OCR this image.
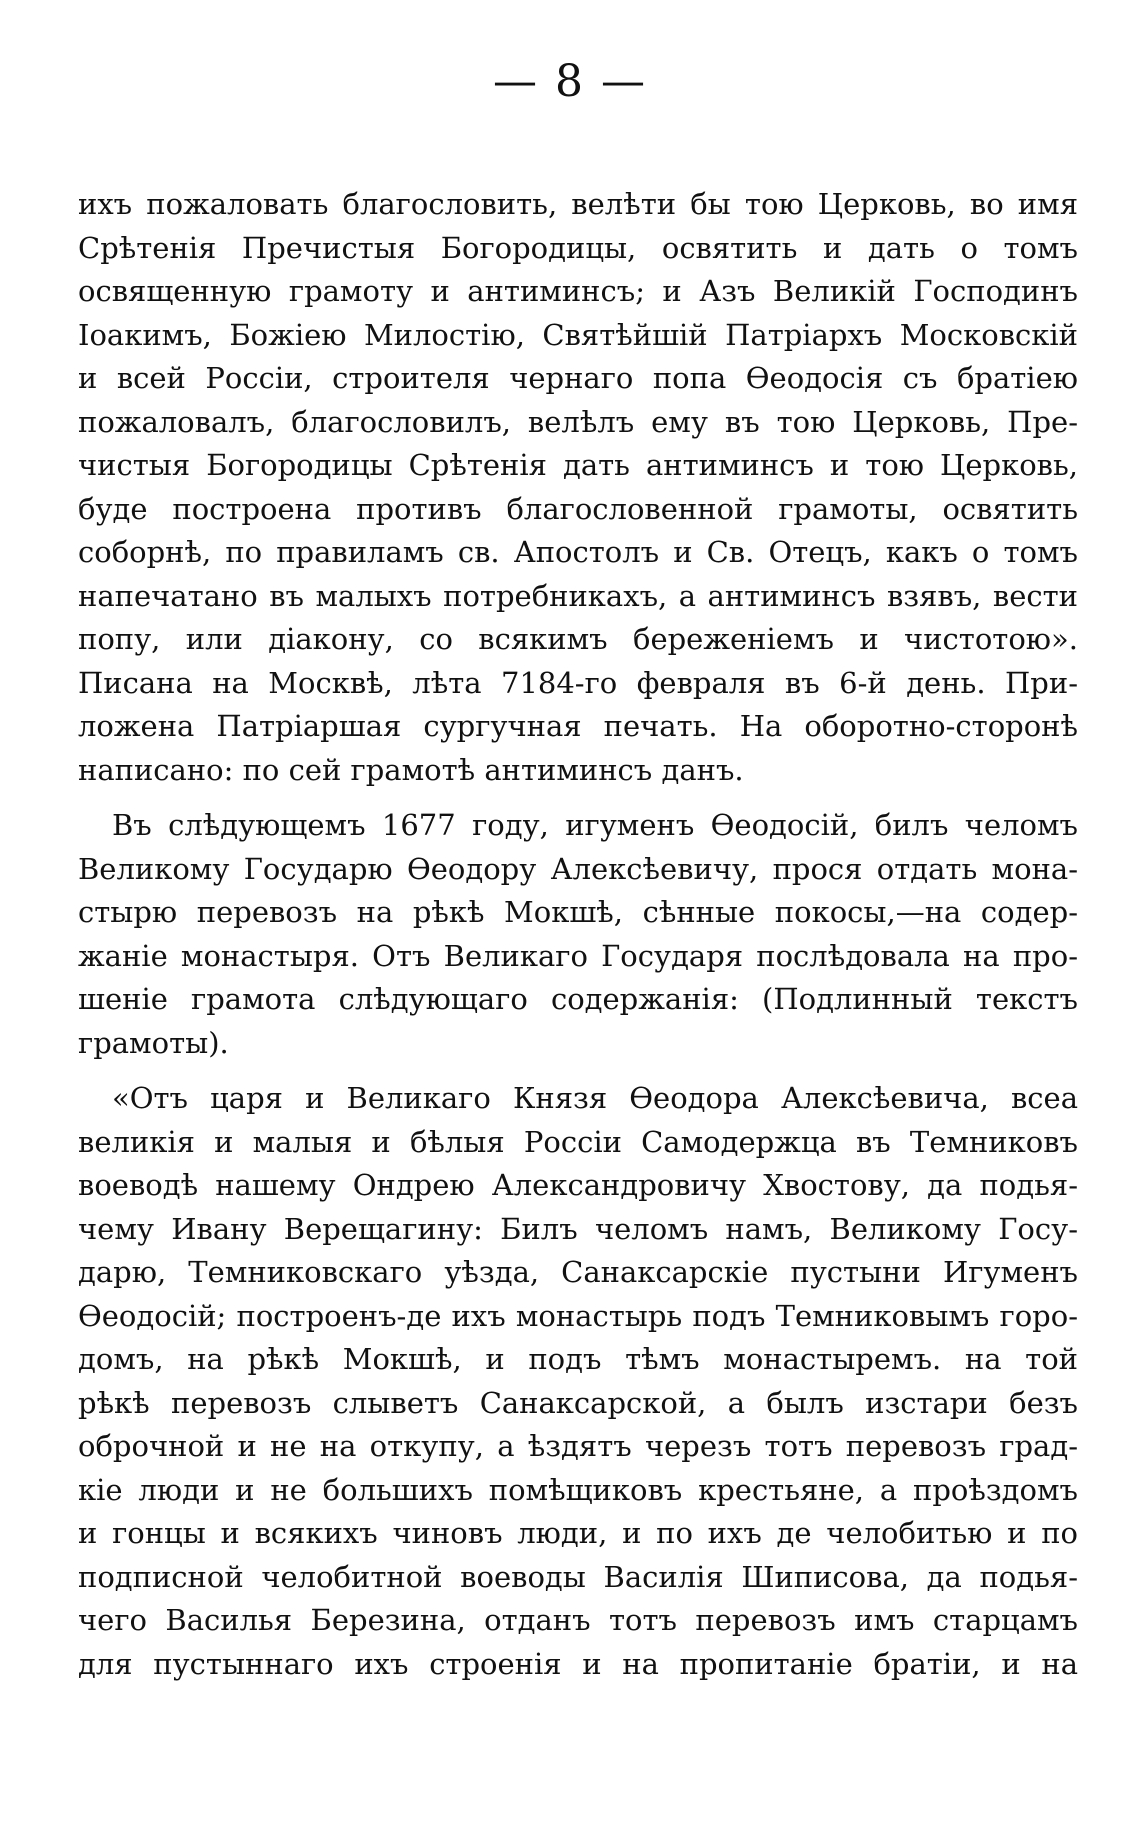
— 8 —
ихъ пожаловать благословить, велѣти бы тою Церковь, во имя
Срѣтенія Пречистыя Богородицы, освятить и дать о томъ
освященную грамоту и антиминсъ; и Азъ Великій Господинъ
Іоакимъ, Божіею Милостію, Святѣйшій Патріархъ Московскій
и всей Россіи, строителя чернаго попа Ѳеодосія съ братіею
пожаловалъ, благословилъ, велѣлъ ему въ тою Церковь, Пре-
чистыя Богородицы Срѣтенія дать антиминсъ и тою Церковь,
буде построена противъ благословенной грамоты, освятить
соборнѣ, по правиламъ св. Апостолъ и Св. Отецъ, какъ о томъ
напечатано въ малыхъ потребникахъ, а антиминсъ взявъ, вести
попу, или діакону, со всякимъ береженіемъ и чистотою».
Писана на Москвѣ, лѣта 7184-го февраля въ 6-й день. При-
ложена Патріаршая сургучная печать. На оборотно-сторонѣ
написано: по сей грамотѣ антиминсъ данъ.
Въ слѣдующемъ 1677 году, игуменъ Ѳеодосій, билъ челомъ
Великому Государю Ѳеодору Алексѣевичу, прося отдать мона-
стырю перевозъ на рѣкѣ Мокшѣ, сѣнные покосы,—на содер-
жаніе монастыря. Отъ Великаго Государя послѣдовала на про-
шеніе грамота слѣдующаго содержанія: (Подлинный текстъ
грамоты).
«Отъ царя и Великаго Князя Ѳеодора Алексѣевича, всеа
великія и малыя и бѣлыя Россіи Самодержца въ Темниковъ
воеводѣ нашему Ондрею Александровичу Хвостову, да подья-
чему Ивану Верещагину: Билъ челомъ намъ, Великому Госу-
дарю, Темниковскаго уѣзда, Санаксарскіе пустыни Игуменъ
Ѳеодосій; построенъ-де ихъ монастырь подъ Темниковымъ горо-
домъ, на рѣкѣ Мокшѣ, и подъ тѣмъ монастыремъ. на той
рѣкѣ перевозъ слыветъ Санаксарской, а былъ изстари безъ
оброчной и не на откупу, а ѣздятъ черезъ тотъ перевозъ град-
кіе люди и не большихъ помѣщиковъ крестьяне, а проѣздомъ
и гонцы и всякихъ чиновъ люди, и по ихъ де челобитью и по
подписной челобитной воеводы Василія Шиписова, да подья-
чего Василья Березина, отданъ тотъ перевозъ имъ старцамъ
для пустыннаго ихъ строенія и на пропитаніе братіи, и на
